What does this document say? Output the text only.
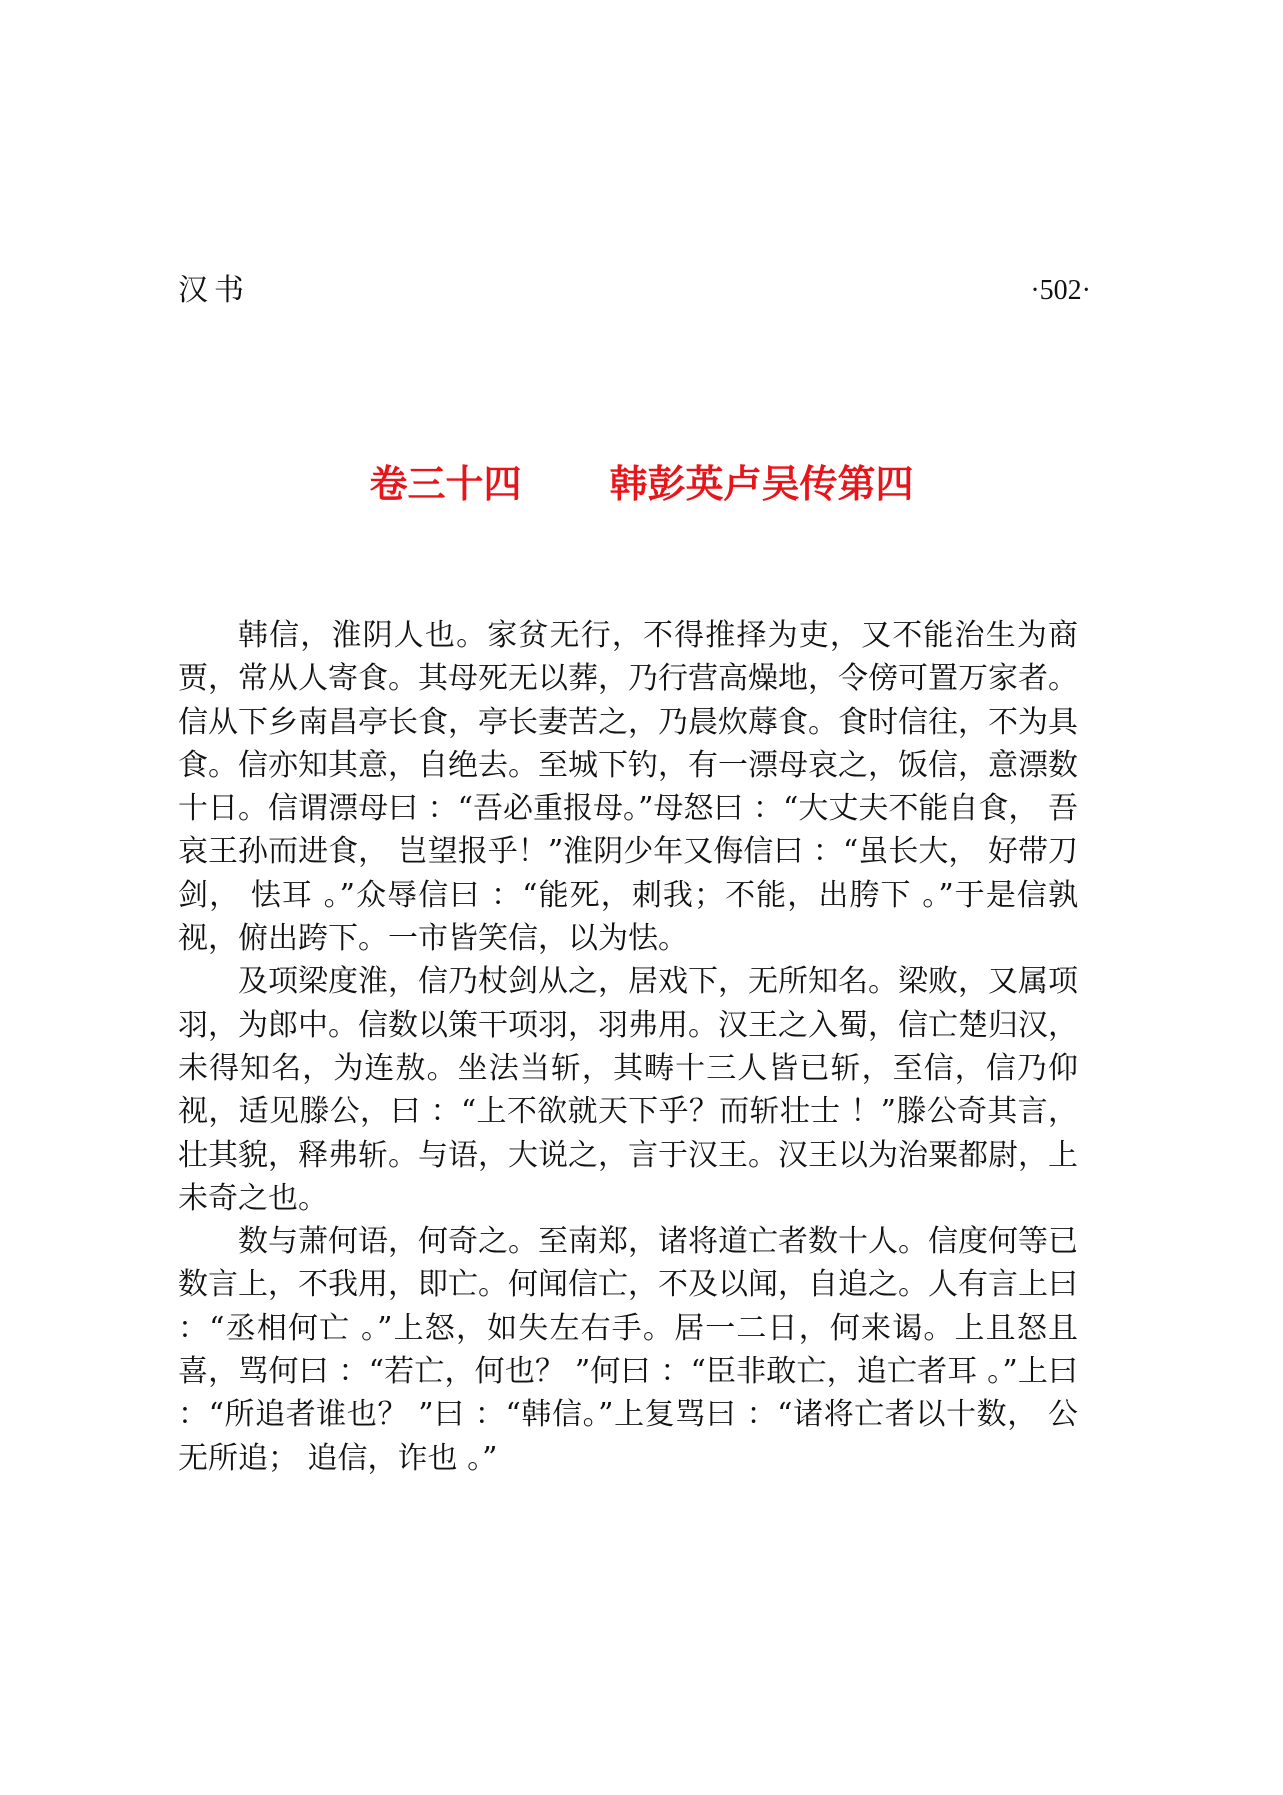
汉书	·502·
卷三十四 韩彭英卢吴传第四

韩信，淮阴人也。家贫无行，不得推择为吏，又不能治生为商贾，常从人寄食。其母死无以葬，乃行营高燥地，令傍可置万家者。信从下乡南昌亭长食，亭长妻苦之，乃晨炊蓐食。食时信往，不为具食。信亦知其意，自绝去。至城下钓，有一漂母哀之，饭信，意漂数十日。信谓漂母曰 ：“吾必重报母。”母怒曰 ：“大丈夫不能自食， 吾哀王孙而进食， 岂望报乎！”淮阴少年又侮信曰 ：“虽长大， 好带刀剑， 怯耳 。”众辱信曰 ：“能死，刺我；不能，出胯下 。”于是信孰视，俯出跨下。一市皆笑信，以为怯。

及项梁度淮，信乃杖剑从之，居戏下，无所知名。梁败，又属项羽，为郎中。信数以策干项羽，羽弗用。汉王之入蜀，信亡楚归汉，未得知名，为连敖。坐法当斩，其畴十三人皆已斩，至信，信乃仰视，适见滕公，曰 ：“上不欲就天下乎？而斩壮士 ！”滕公奇其言，壮其貌，释弗斩。与语，大说之，言于汉王。汉王以为治粟都尉，上未奇之也。

数与萧何语，何奇之。至南郑，诸将道亡者数十人。信度何等已数言上，不我用，即亡。何闻信亡，不及以闻，自追之。人有言上曰 ：“丞相何亡 。”上怒，如失左右手。居一二日，何来谒。上且怒且喜，骂何曰 ：“若亡，何也？ ”何曰 ：“臣非敢亡，追亡者耳 。”上曰 ：“所追者谁也？ ”曰 ：“韩信。”上复骂曰 ：“诸将亡者以十数， 公无所追； 追信，诈也 。”
